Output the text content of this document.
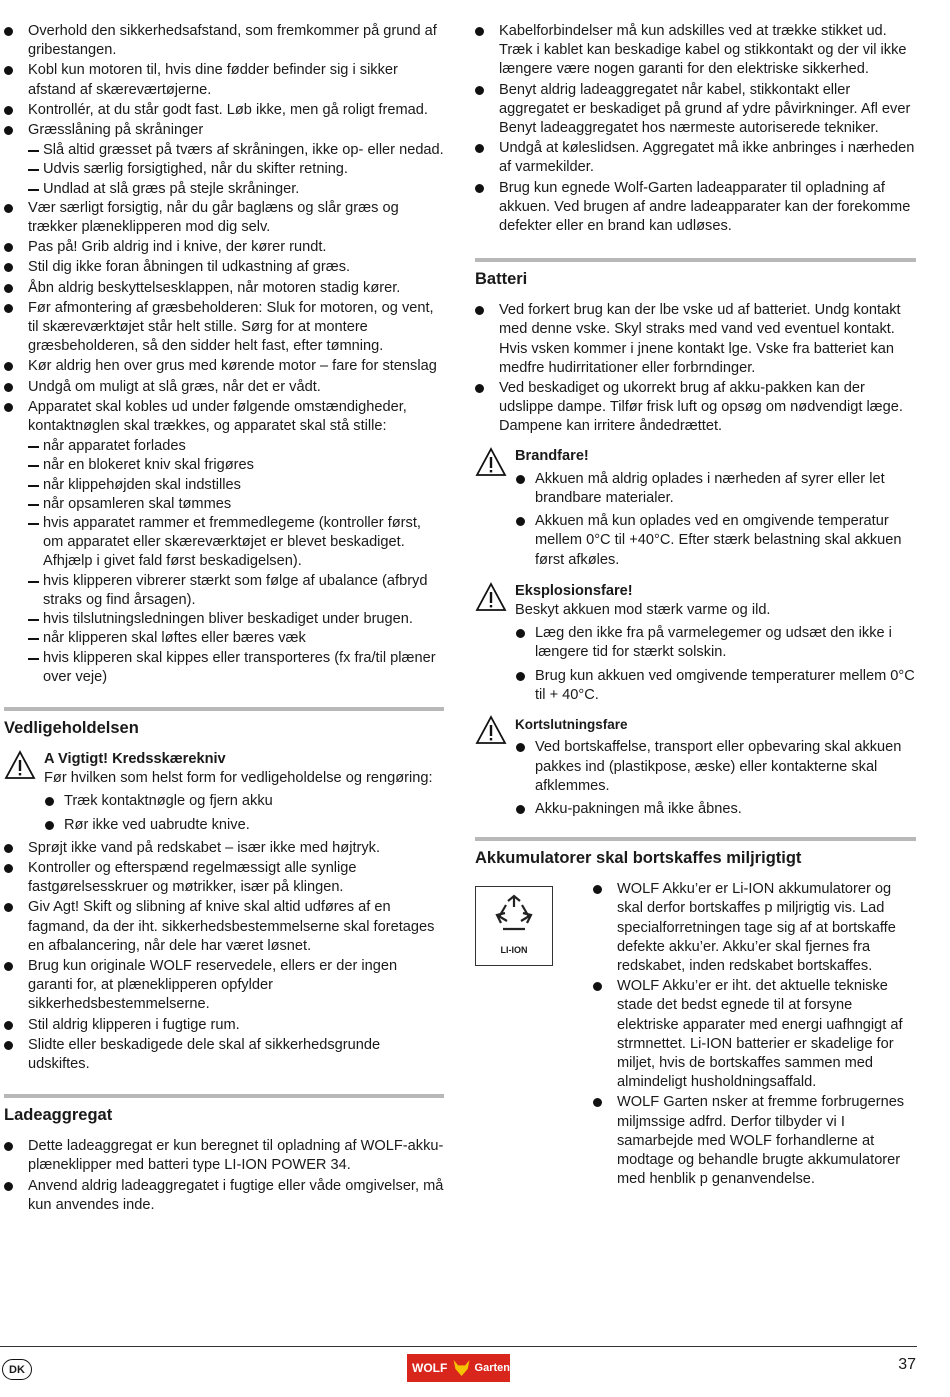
Overhold den sikkerhedsafstand, som fremkommer på grund af gribestangen.
Kobl kun motoren til, hvis dine fødder befinder sig i sikker afstand af skæreværtøjerne.
Kontrollér, at du står godt fast. Løb ikke, men gå roligt fremad.
Græsslåning på skråninger
Slå altid græsset på tværs af skråningen, ikke op- eller nedad.
Udvis særlig forsigtighed, når du skifter retning.
Undlad at slå græs på stejle skråninger.
Vær særligt forsigtig, når du går baglæns og slår græs og trækker plæneklipperen mod dig selv.
Pas på! Grib aldrig ind i knive, der kører rundt.
Stil dig ikke foran åbningen til udkastning af græs.
Åbn aldrig beskyttelsesklappen, når motoren stadig kører.
Før afmontering af græsbeholderen: Sluk for motoren, og vent, til skæreværktøjet står helt stille. Sørg for at montere græsbeholderen, så den sidder helt fast, efter tømning.
Kør aldrig hen over grus med kørende motor – fare for stenslag
Undgå om muligt at slå græs, når det er vådt.
Apparatet skal kobles ud under følgende omstændigheder, kontaktnøglen skal trækkes, og apparatet skal stå stille:
når apparatet forlades
når en blokeret kniv skal frigøres
når klippehøjden skal indstilles
når opsamleren skal tømmes
hvis apparatet rammer et fremmedlegeme (kontroller først, om apparatet eller skæreværktøjet er blevet beskadiget. Afhjælp i givet fald først beskadigelsen).
hvis klipperen vibrerer stærkt som følge af ubalance (afbryd straks og find årsagen).
hvis tilslutningsledningen bliver beskadiget under brugen.
når klipperen skal løftes eller bæres væk
hvis klipperen skal kippes eller transporteres (fx fra/til plæner over veje)
Vedligeholdelsen
A Vigtigt! Kredsskærekniv
Før hvilken som helst form for vedligeholdelse og rengøring:
Træk kontaktnøgle og fjern akku
Rør ikke ved uabrudte knive.
Sprøjt ikke vand på redskabet – især ikke med højtryk.
Kontroller og efterspænd regelmæssigt alle synlige fastgørelsesskruer og møtrikker, især på klingen.
Giv Agt! Skift og slibning af knive skal altid udføres af en fagmand, da der iht. sikkerhedsbestemmelserne skal foretages en afbalancering, når dele har været løsnet.
Brug kun originale WOLF reservedele, ellers er der ingen garanti for, at plæneklipperen opfylder sikkerhedsbestemmelserne.
Stil aldrig klipperen i fugtige rum.
Slidte eller beskadigede dele skal af sikkerhedsgrunde udskiftes.
Ladeaggregat
Dette ladeaggregat er kun beregnet til opladning af WOLF-akku-plæneklipper med batteri type LI-ION POWER 34.
Anvend aldrig ladeaggregatet i fugtige eller våde omgivelser, må kun anvendes inde.
Kabelforbindelser må kun adskilles ved at trække stikket ud. Træk i kablet kan beskadige kabel og stikkontakt og der vil ikke længere være nogen garanti for den elektriske sikkerhed.
Benyt aldrig ladeaggregatet når kabel, stikkontakt eller aggregatet er beskadiget på grund af ydre påvirkninger. Afl ever Benyt ladeaggregatet hos nærmeste autoriserede tekniker.
Undgå at køleslidsen. Aggregatet må ikke anbringes i nærheden af varmekilder.
Brug kun egnede Wolf-Garten ladeapparater til opladning af akkuen. Ved brugen af andre ladeapparater kan der forekomme defekter eller en brand kan udløses.
Batteri
Ved forkert brug kan der lbe vske ud af batteriet. Undg kontakt med denne vske. Skyl straks med vand ved eventuel kontakt. Hvis vsken kommer i jnene kontakt lge. Vske fra batteriet kan medfre hudirritationer eller forbrndinger.
Ved beskadiget og ukorrekt brug af akku-pakken kan der udslippe dampe. Tilfør frisk luft og opsøg om nødvendigt læge. Dampene kan irritere åndedrættet.
Brandfare!
Akkuen må aldrig oplades i nærheden af syrer eller let brandbare materialer.
Akkuen må kun oplades ved en omgivende temperatur mellem 0°C til +40°C. Efter stærk belastning skal akkuen først afkøles.
Eksplosionsfare!
Beskyt akkuen mod stærk varme og ild.
Læg den ikke fra på varmelegemer og udsæt den ikke i længere tid for stærkt solskin.
Brug kun akkuen ved omgivende temperaturer mellem 0°C til + 40°C.
Kortslutningsfare
Ved bortskaffelse, transport eller opbevaring skal akkuen pakkes ind (plastikpose, æske) eller kontakterne skal afklemmes.
Akku-pakningen må ikke åbnes.
Akkumulatorer skal bortskaffes miljrigtigt
LI-ION
WOLF Akku’er er Li-ION akkumulatorer og skal derfor bortskaffes p miljrigtig vis. Lad specialforretningen tage sig af at bortskaffe defekte akku’er. Akku’er skal fjernes fra redskabet, inden redskabet bortskaffes.
WOLF Akku’er er iht. det aktuelle tekniske stade det bedst egnede til at forsyne elektriske apparater med energi uafhngigt af strmnettet. Li-ION batterier er skadelige for miljet, hvis de bortskaffes sammen med almindeligt husholdningsaffald.
WOLF Garten nsker at fremme forbrugernes miljmssige adfrd. Derfor tilbyder vi I samarbejde med WOLF forhandlerne at modtage og behandle brugte akkumulatorer med henblik p genanvendelse.
DK	WOLF Garten	37
